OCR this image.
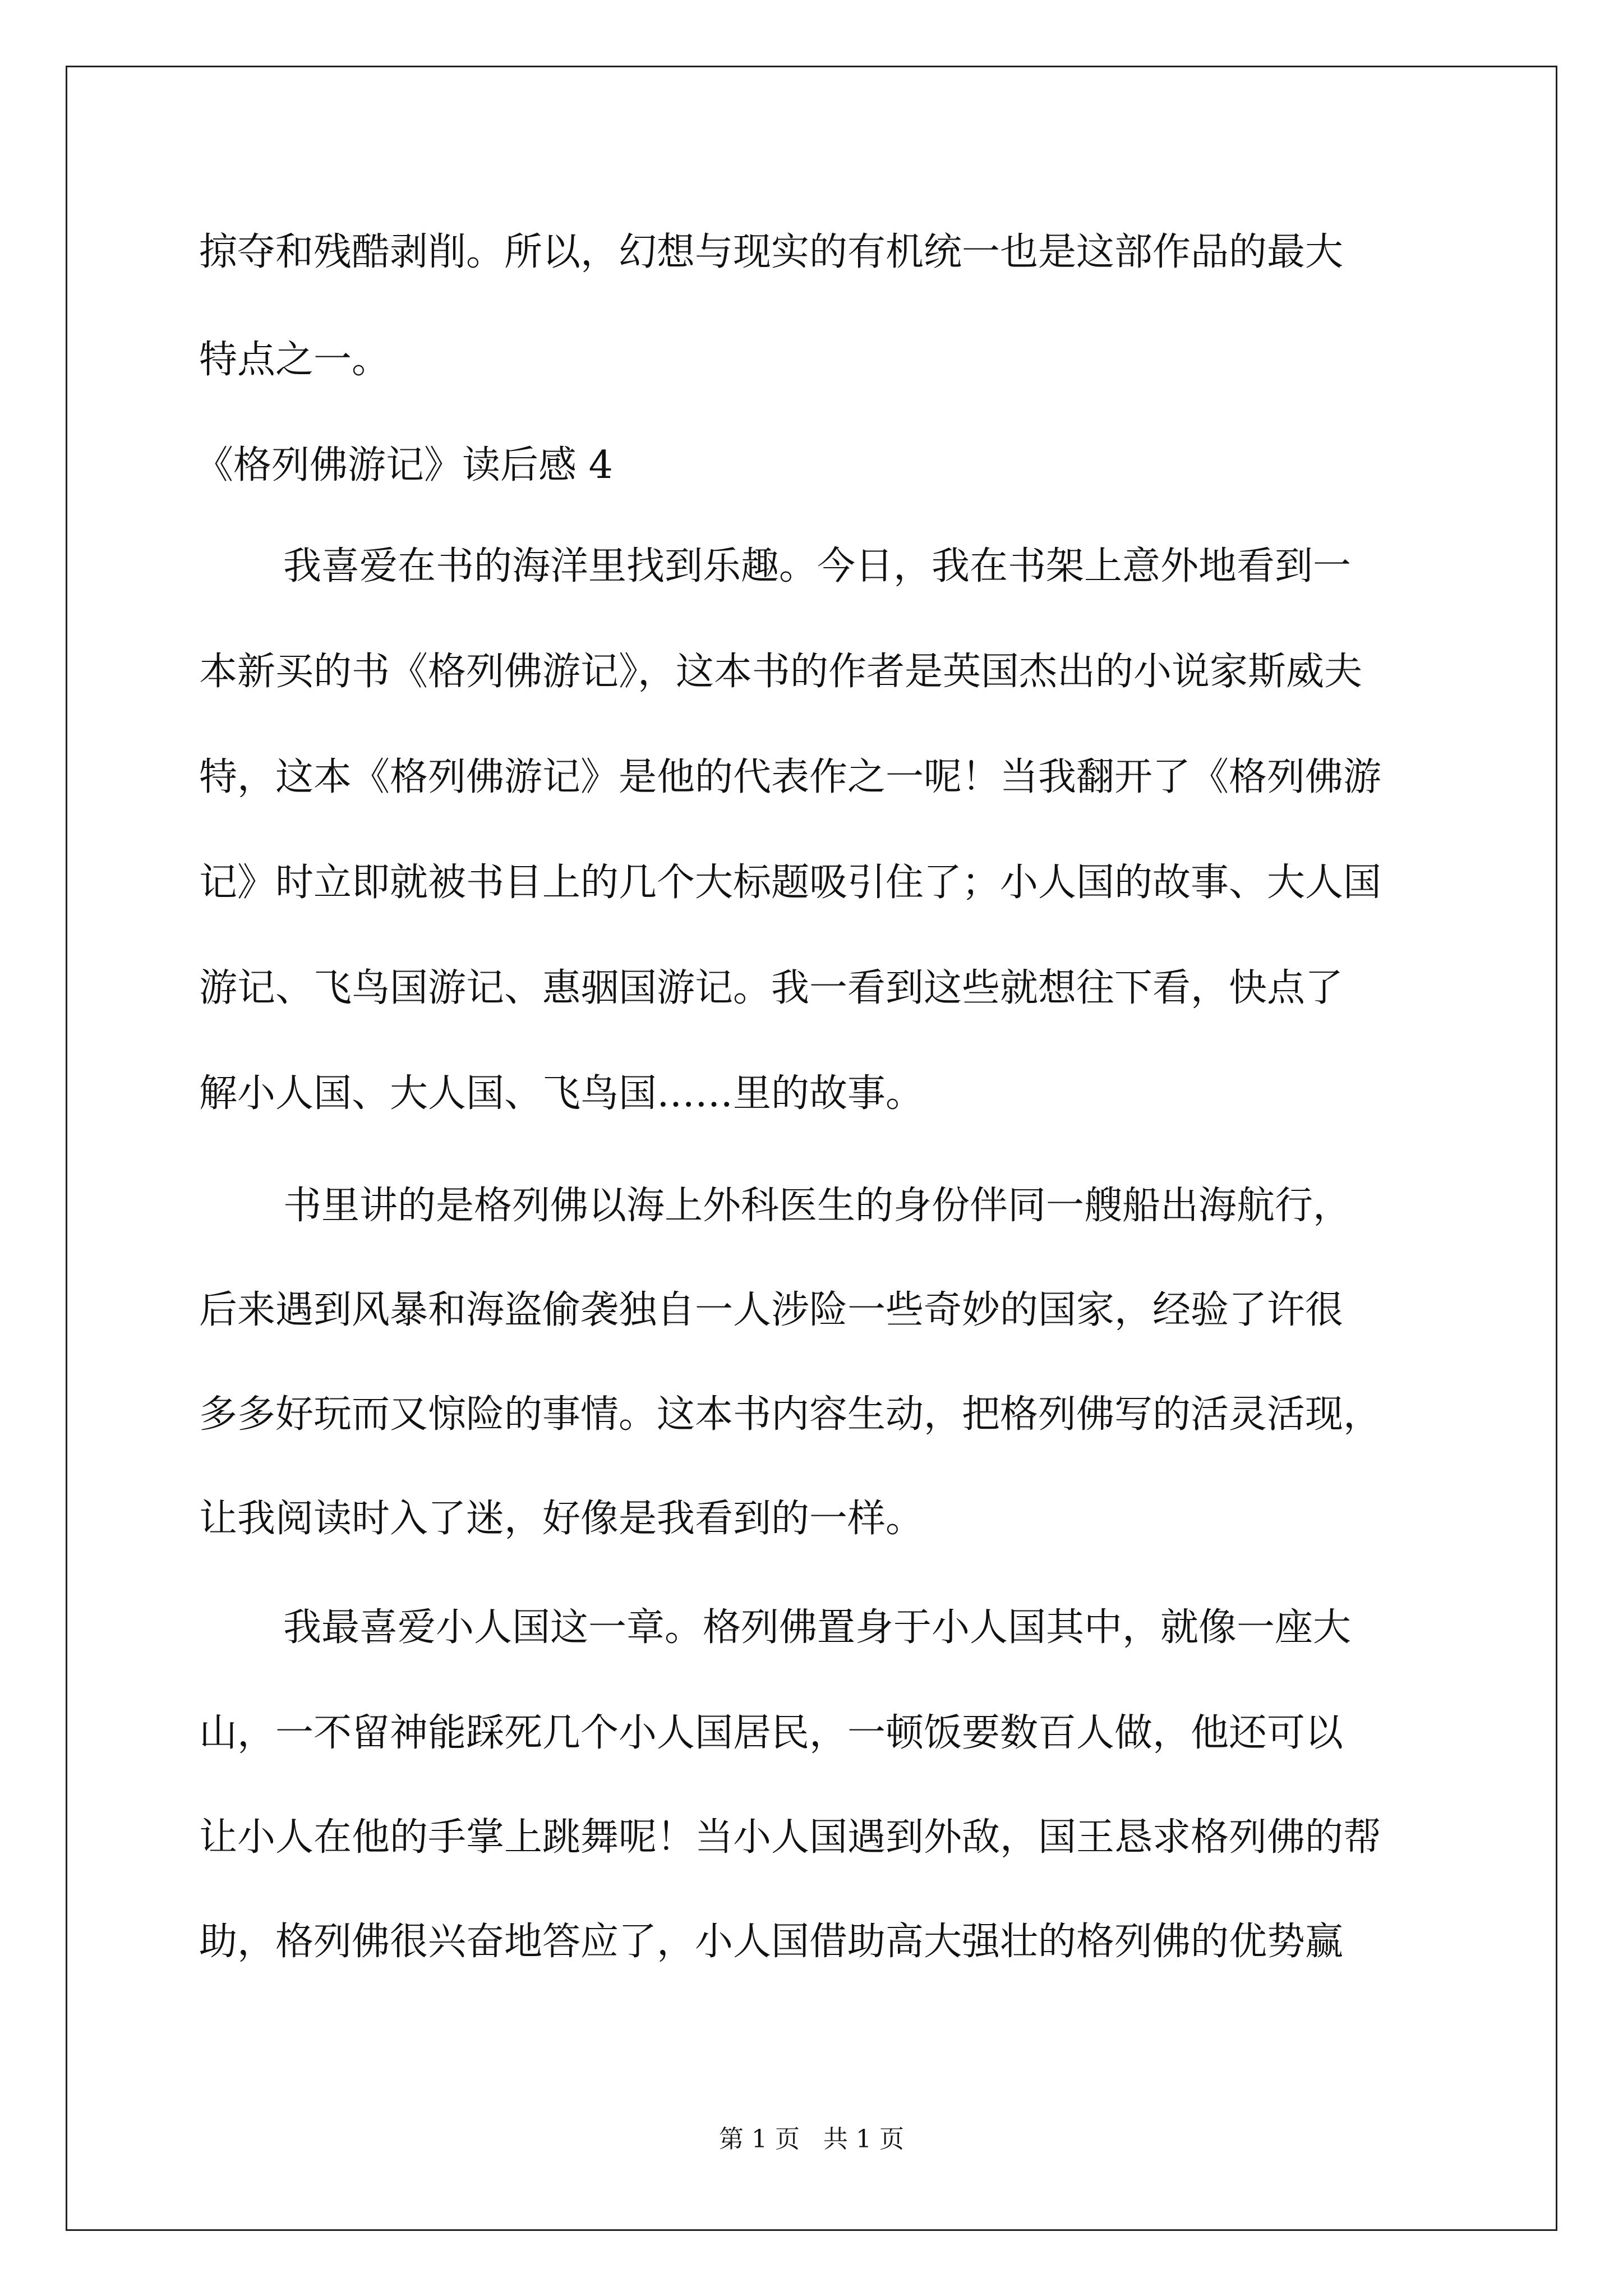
掠夺和残酷剥削。所以，幻想与现实的有机统一也是这部作品的最大
特点之一。
《格列佛游记》读后感 4
我喜爱在书的海洋里找到乐趣。今日，我在书架上意外地看到一
本新买的书《格列佛游记》，这本书的作者是英国杰出的小说家斯威夫
特，这本《格列佛游记》是他的代表作之一呢！当我翻开了《格列佛游
记》时立即就被书目上的几个大标题吸引住了；小人国的故事、大人国
游记、飞鸟国游记、惠骃国游记。我一看到这些就想往下看，快点了
解小人国、大人国、飞鸟国……里的故事。
书里讲的是格列佛以海上外科医生的身份伴同一艘船出海航行，
后来遇到风暴和海盗偷袭独自一人涉险一些奇妙的国家，经验了许很
多多好玩而又惊险的事情。这本书内容生动，把格列佛写的活灵活现，
让我阅读时入了迷，好像是我看到的一样。
我最喜爱小人国这一章。格列佛置身于小人国其中，就像一座大
山，一不留神能踩死几个小人国居民，一顿饭要数百人做，他还可以
让小人在他的手掌上跳舞呢！当小人国遇到外敌，国王恳求格列佛的帮
助，格列佛很兴奋地答应了，小人国借助高大强壮的格列佛的优势赢
第 1 页   共 1 页
